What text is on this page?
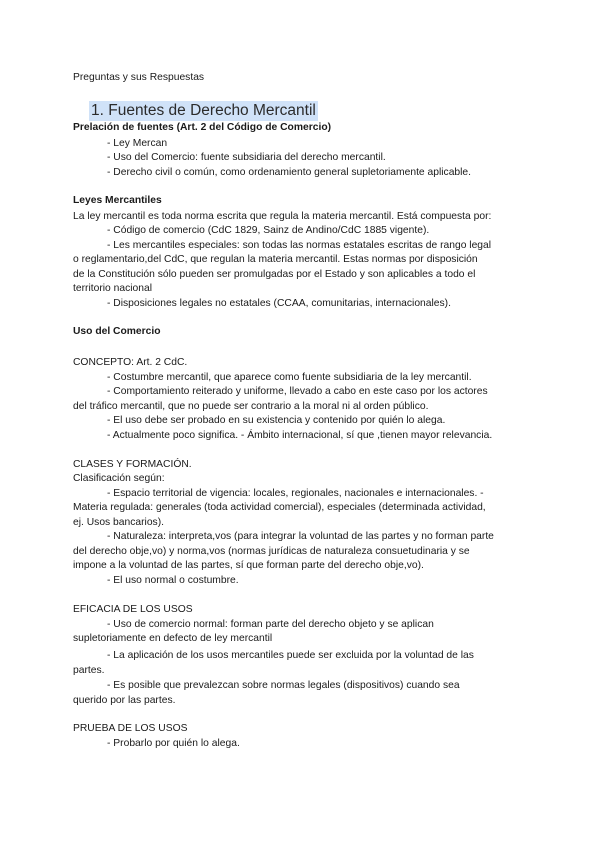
Preguntas y sus Respuestas
1. Fuentes de Derecho Mercantil
Prelación de fuentes (Art. 2 del Código de Comercio)
- Ley Mercan
- Uso del Comercio: fuente subsidiaria del derecho mercantil.
- Derecho civil o común, como ordenamiento general supletoriamente aplicable.
Leyes Mercantiles
La ley mercantil es toda norma escrita que regula la materia mercantil. Está compuesta por:
- Código de comercio (CdC 1829, Sainz de Andino/CdC 1885 vigente).
- Les mercantiles especiales: son todas las normas estatales escritas de rango legal
o reglamentario,del CdC, que regulan la materia mercantil. Estas normas por disposición
de la Constitución sólo pueden ser promulgadas por el Estado y son aplicables a todo el
territorio nacional
- Disposiciones legales no estatales (CCAA, comunitarias, internacionales).
Uso del Comercio
CONCEPTO: Art. 2 CdC.
- Costumbre mercantil, que aparece como fuente subsidiaria de la ley mercantil.
- Comportamiento reiterado y uniforme, llevado a cabo en este caso por los actores
del tráfico mercantil, que no puede ser contrario a la moral ni al orden público.
- El uso debe ser probado en su existencia y contenido por quién lo alega.
- Actualmente poco significa. - Ámbito internacional, sí que ,tienen mayor relevancia.
CLASES Y FORMACIÓN.
Clasificación según:
- Espacio territorial de vigencia: locales, regionales, nacionales e internacionales. -
Materia regulada: generales (toda actividad comercial), especiales (determinada actividad,
ej. Usos bancarios).
- Naturaleza: interpreta,vos (para integrar la voluntad de las partes y no forman parte
del derecho obje,vo) y norma,vos (normas jurídicas de naturaleza consuetudinaria y se
impone a la voluntad de las partes, sí que forman parte del derecho obje,vo).
- El uso normal o costumbre.
EFICACIA DE LOS USOS
- Uso de comercio normal: forman parte del derecho objeto y se aplican
supletoriamente en defecto de ley mercantil
- La aplicación de los usos mercantiles puede ser excluida por la voluntad de las
partes.
- Es posible que prevalezcan sobre normas legales (dispositivos) cuando sea
querido por las partes.
PRUEBA DE LOS USOS
- Probarlo por quién lo alega.
